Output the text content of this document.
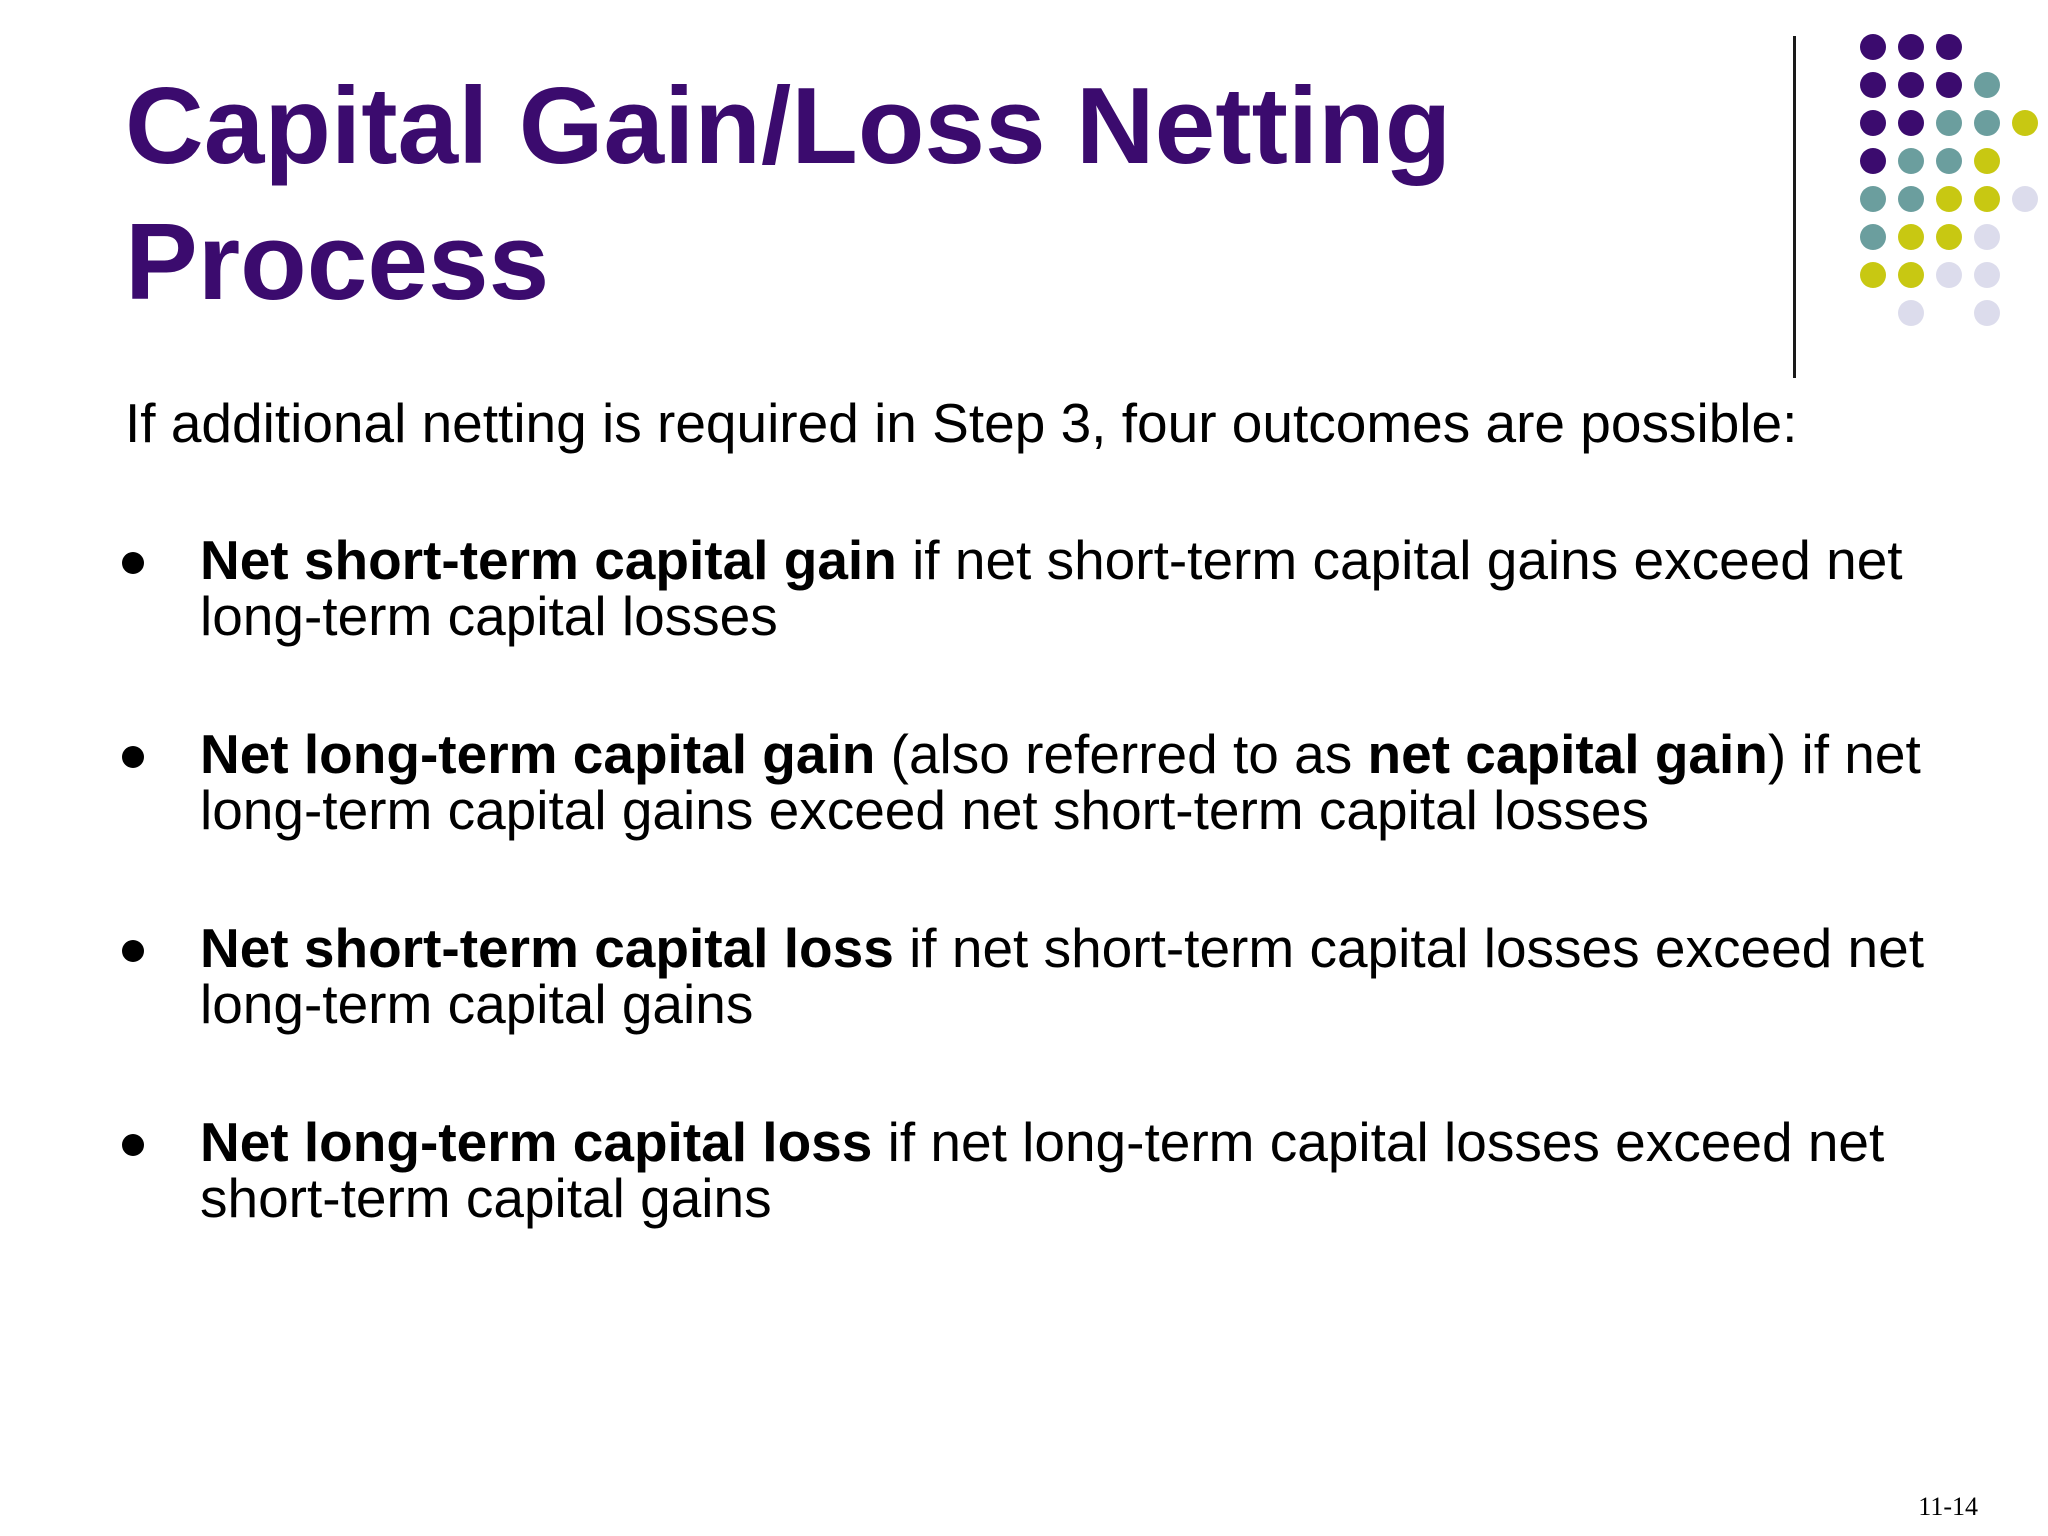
Capital Gain/Loss Netting
Process

If additional netting is required in Step 3, four outcomes are possible:

Net short-term capital gain if net short-term capital gains exceed net long-term capital losses
Net long-term capital gain (also referred to as net capital gain) if net long-term capital gains exceed net short-term capital losses
Net short-term capital loss if net short-term capital losses exceed net long-term capital gains
Net long-term capital loss if net long-term capital losses exceed net short-term capital gains
11-14
